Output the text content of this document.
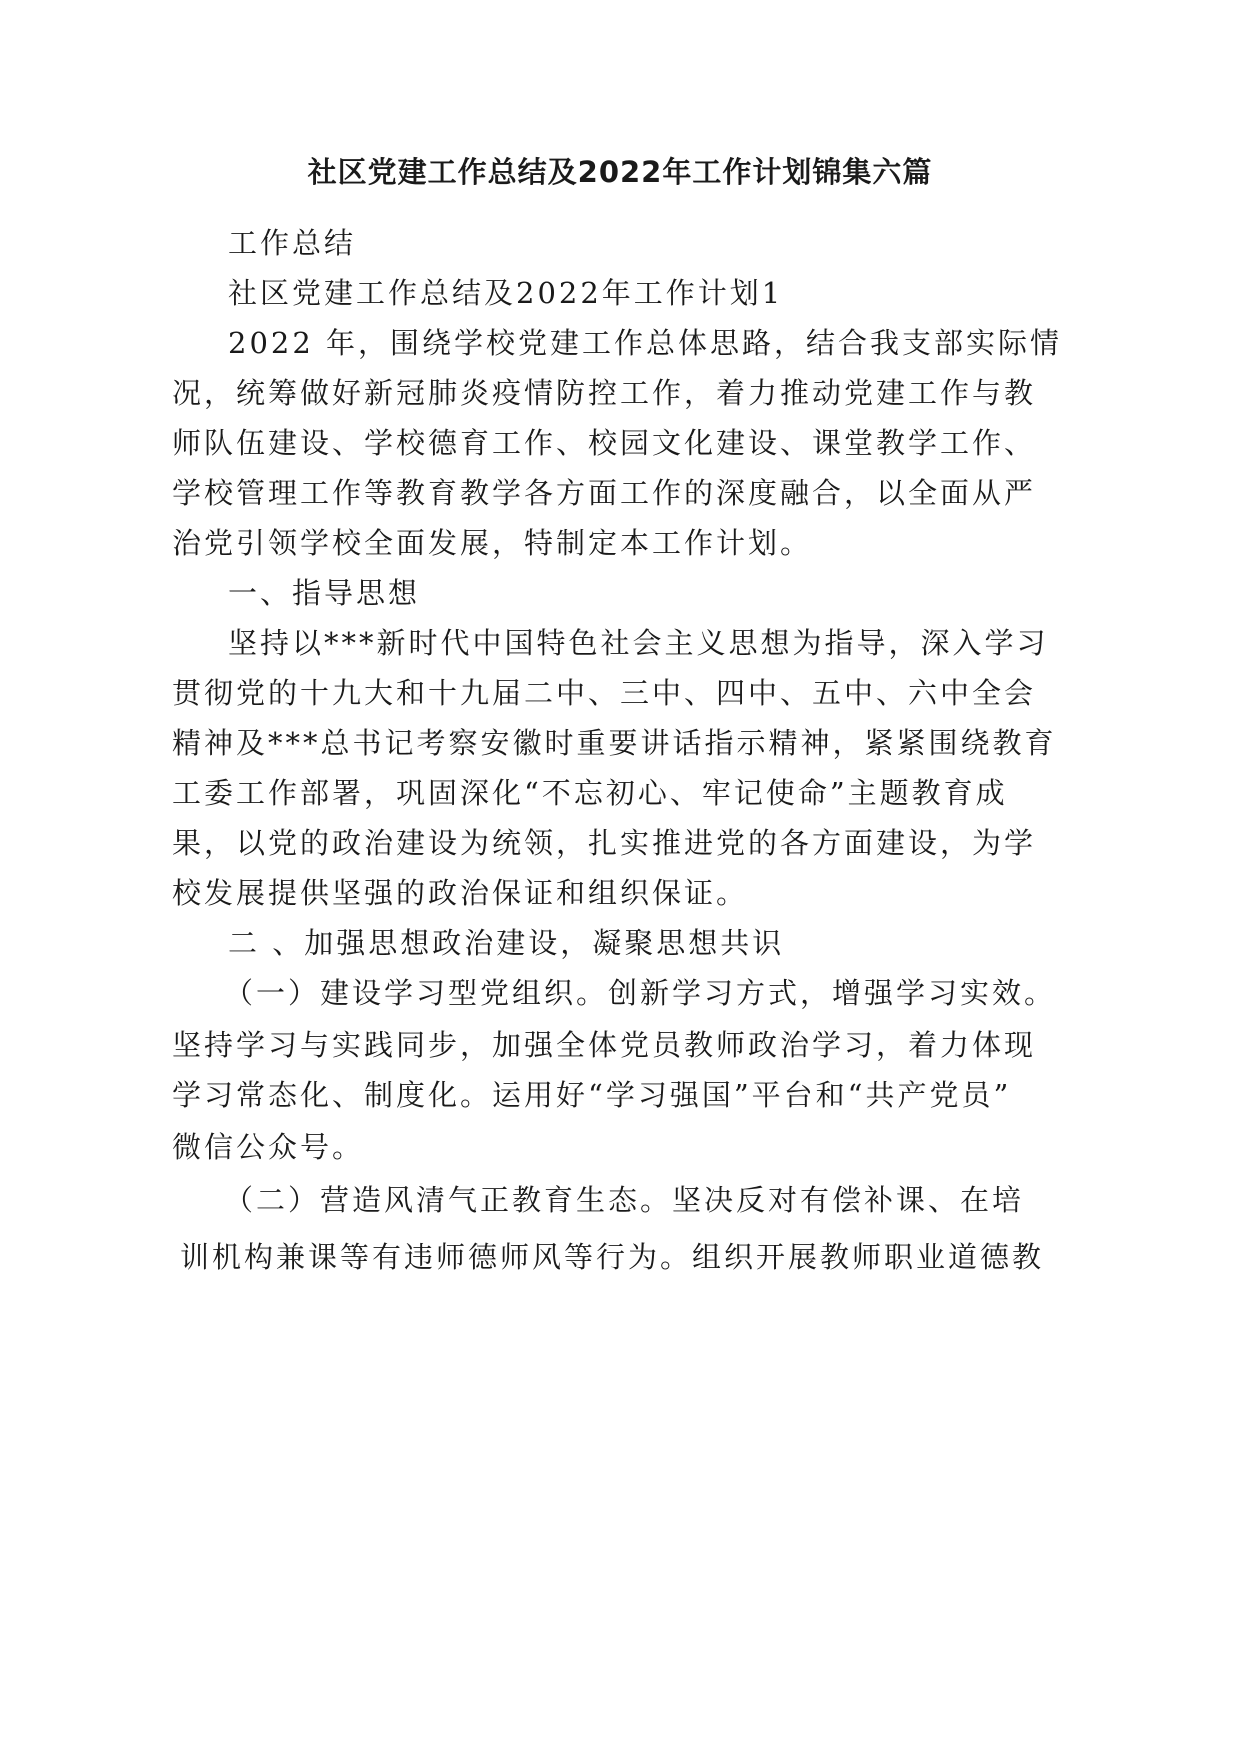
社区党建工作总结及2022年工作计划锦集六篇
工作总结
社区党建工作总结及2022年工作计划1
2022 年，围绕学校党建工作总体思路，结合我支部实际情
况，统筹做好新冠肺炎疫情防控工作，着力推动党建工作与教
师队伍建设、学校德育工作、校园文化建设、课堂教学工作、
学校管理工作等教育教学各方面工作的深度融合，以全面从严
治党引领学校全面发展，特制定本工作计划。
一、指导思想
坚持以***新时代中国特色社会主义思想为指导，深入学习
贯彻党的十九大和十九届二中、三中、四中、五中、六中全会
精神及***总书记考察安徽时重要讲话指示精神，紧紧围绕教育
工委工作部署，巩固深化“不忘初心、牢记使命”主题教育成
果，以党的政治建设为统领，扎实推进党的各方面建设，为学
校发展提供坚强的政治保证和组织保证。
二 、加强思想政治建设，凝聚思想共识
（一）建设学习型党组织。创新学习方式，增强学习实效。
坚持学习与实践同步，加强全体党员教师政治学习，着力体现
学习常态化、制度化。运用好“学习强国”平台和“共产党员”
微信公众号。
（二）营造风清气正教育生态。坚决反对有偿补课、在培
训机构兼课等有违师德师风等行为。组织开展教师职业道德教
